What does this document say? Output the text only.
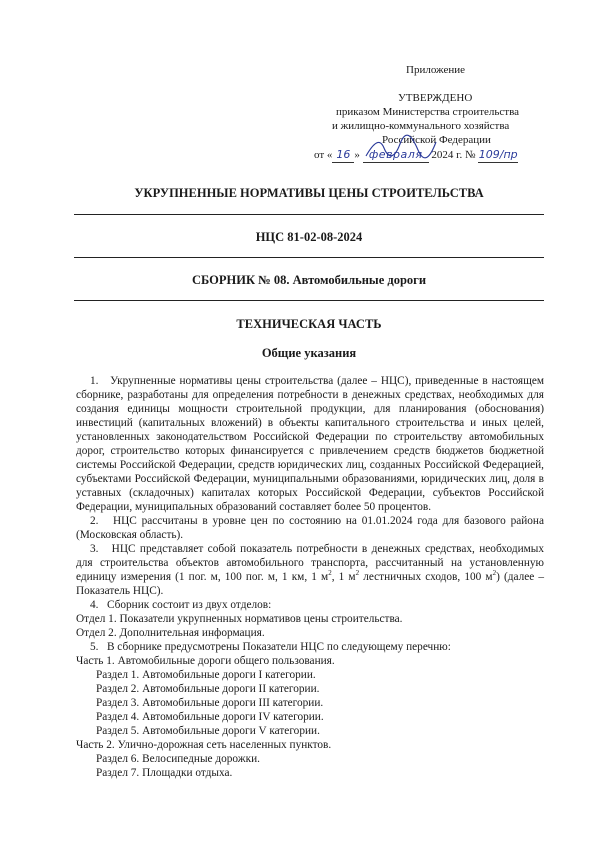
Приложение
УТВЕРЖДЕНО
приказом Министерства строительства
и жилищно-коммунального хозяйства
Российской Федерации
от « 16 » февраля 2024 г. № 109/пр
УКРУПНЕННЫЕ НОРМАТИВЫ ЦЕНЫ СТРОИТЕЛЬСТВА
НЦС 81-02-08-2024
СБОРНИК № 08. Автомобильные дороги
ТЕХНИЧЕСКАЯ ЧАСТЬ
Общие указания

1.   Укрупненные нормативы цены строительства (далее – НЦС), приведенные в настоящем сборнике, разработаны для определения потребности в денежных средствах, необходимых для создания единицы мощности строительной продукции, для планирования (обоснования) инвестиций (капитальных вложений) в объекты капитального строительства и иных целей, установленных законодательством Российской Федерации по строительству автомобильных дорог, строительство которых финансируется с привлечением средств бюджетов бюджетной системы Российской Федерации, средств юридических лиц, созданных Российской Федерацией, субъектами Российской Федерации, муниципальными образованиями, юридических лиц, доля в уставных (складочных) капиталах которых Российской Федерации, субъектов Российской Федерации, муниципальных образований составляет более 50 процентов.

2.   НЦС рассчитаны в уровне цен по состоянию на 01.01.2024 года для базового района (Московская область).

3.   НЦС представляет собой показатель потребности в денежных средствах, необходимых для строительства объектов автомобильного транспорта, рассчитанный на установленную единицу измерения (1 пог. м, 100 пог. м, 1 км, 1 $м^2$, 1 $м^2$ лестничных сходов, 100 $м^2$) (далее – Показатель НЦС).

4.   Сборник состоит из двух отделов:

Отдел 1. Показатели укрупненных нормативов цены строительства.

Отдел 2. Дополнительная информация.

5.   В сборнике предусмотрены Показатели НЦС по следующему перечню:

Часть 1. Автомобильные дороги общего пользования.

Раздел 1. Автомобильные дороги I категории.

Раздел 2. Автомобильные дороги II категории.

Раздел 3. Автомобильные дороги III категории.

Раздел 4. Автомобильные дороги IV категории.

Раздел 5. Автомобильные дороги V категории.

Часть 2. Улично-дорожная сеть населенных пунктов.

Раздел 6. Велосипедные дорожки.

Раздел 7. Площадки отдыха.
